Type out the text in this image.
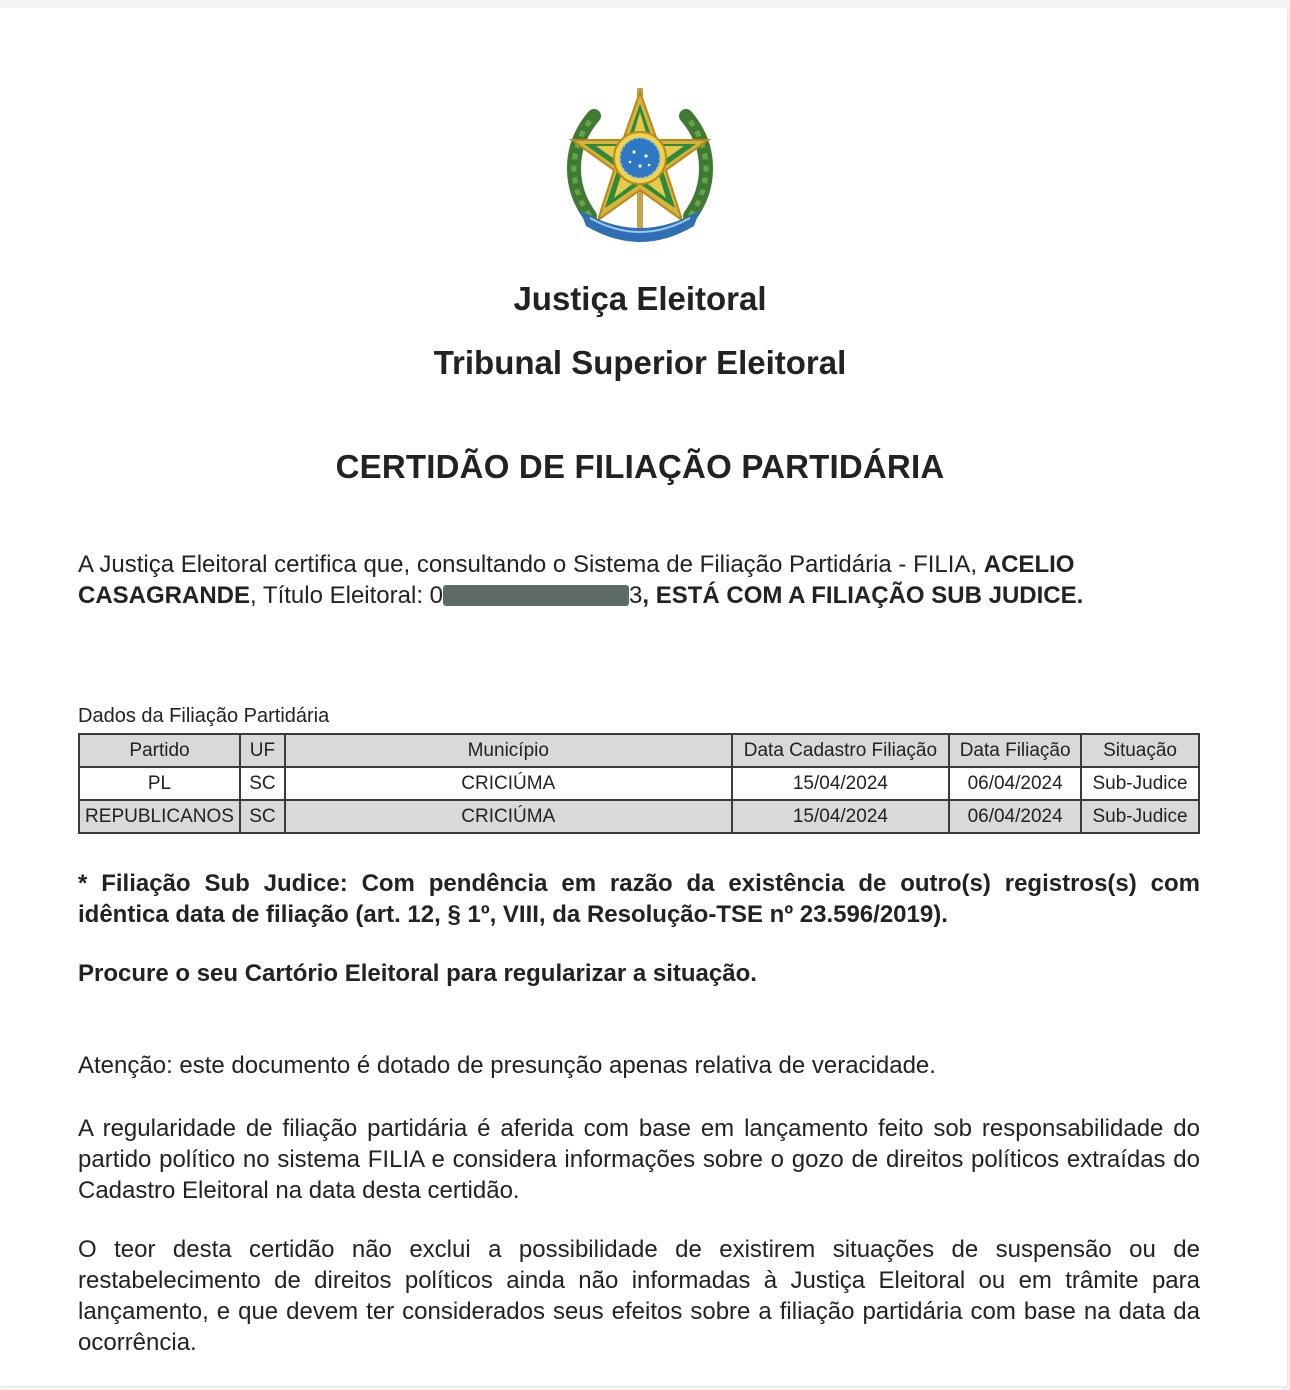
Justiça Eleitoral
Tribunal Superior Eleitoral
CERTIDÃO DE FILIAÇÃO PARTIDÁRIA
A Justiça Eleitoral certifica que, consultando o Sistema de Filiação Partidária - FILIA, ACELIO CASAGRANDE, Título Eleitoral: 0	3, ESTÁ COM A FILIAÇÃO SUB JUDICE.
Dados da Filiação Partidária
Partido	UF	Município	Data Cadastro Filiação	Data Filiação	Situação
PL	SC	CRICIÚMA	15/04/2024	06/04/2024	Sub-Judice
REPUBLICANOS	SC	CRICIÚMA	15/04/2024	06/04/2024	Sub-Judice
* Filiação Sub Judice: Com pendência em razão da existência de outro(s) registros(s) com idêntica data de filiação (art. 12, § 1º, VIII, da Resolução-TSE nº 23.596/2019).
Procure o seu Cartório Eleitoral para regularizar a situação.
Atenção: este documento é dotado de presunção apenas relativa de veracidade.
A regularidade de filiação partidária é aferida com base em lançamento feito sob responsabilidade do partido político no sistema FILIA e considera informações sobre o gozo de direitos políticos extraídas do Cadastro Eleitoral na data desta certidão.
O teor desta certidão não exclui a possibilidade de existirem situações de suspensão ou de restabelecimento de direitos políticos ainda não informadas à Justiça Eleitoral ou em trâmite para lançamento, e que devem ter considerados seus efeitos sobre a filiação partidária com base na data da ocorrência.
